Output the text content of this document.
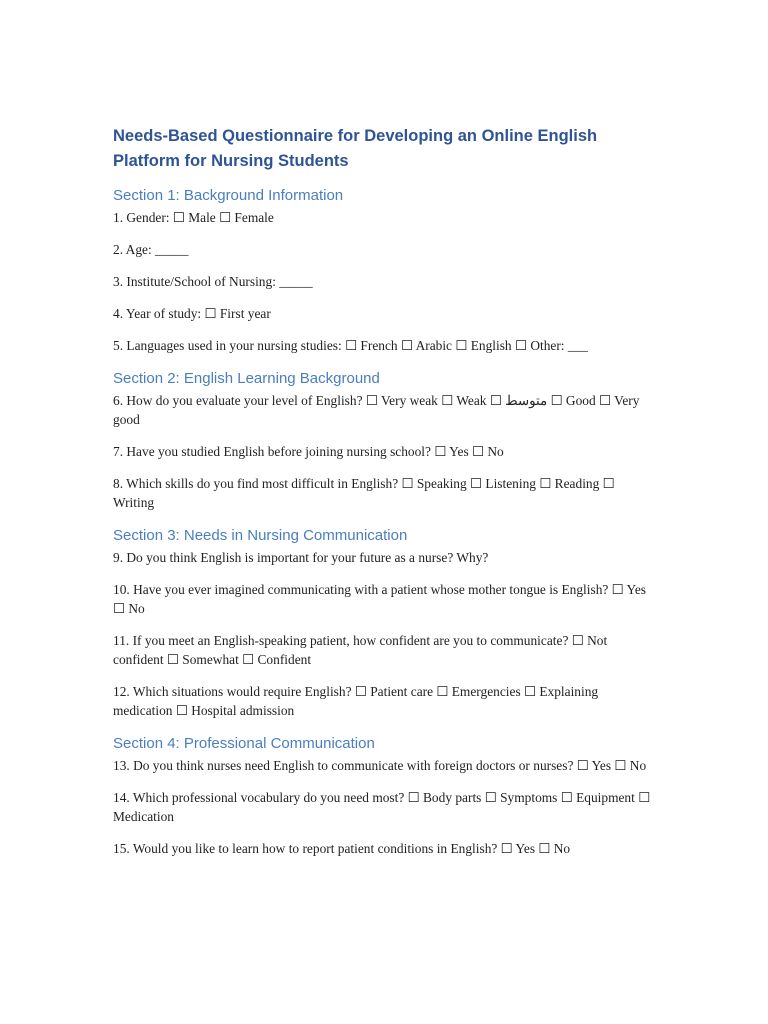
Needs-Based Questionnaire for Developing an Online English Platform for Nursing Students
Section 1: Background Information

1. Gender: ☐ Male ☐ Female

2. Age: _____

3. Institute/School of Nursing: _____

4. Year of study: ☐ First year

5. Languages used in your nursing studies: ☐ French ☐ Arabic ☐ English ☐ Other: ___

Section 2: English Learning Background

6. How do you evaluate your level of English? ☐ Very weak ☐ Weak ☐ متوسط ☐ Good ☐ Very good

7. Have you studied English before joining nursing school? ☐ Yes ☐ No

8. Which skills do you find most difficult in English? ☐ Speaking ☐ Listening ☐ Reading ☐ Writing

Section 3: Needs in Nursing Communication

9. Do you think English is important for your future as a nurse? Why?

10. Have you ever imagined communicating with a patient whose mother tongue is English? ☐ Yes ☐ No

11. If you meet an English-speaking patient, how confident are you to communicate? ☐ Not confident ☐ Somewhat ☐ Confident

12. Which situations would require English? ☐ Patient care ☐ Emergencies ☐ Explaining medication ☐ Hospital admission

Section 4: Professional Communication

13. Do you think nurses need English to communicate with foreign doctors or nurses? ☐ Yes ☐ No

14. Which professional vocabulary do you need most? ☐ Body parts ☐ Symptoms ☐ Equipment ☐ Medication

15. Would you like to learn how to report patient conditions in English? ☐ Yes ☐ No
